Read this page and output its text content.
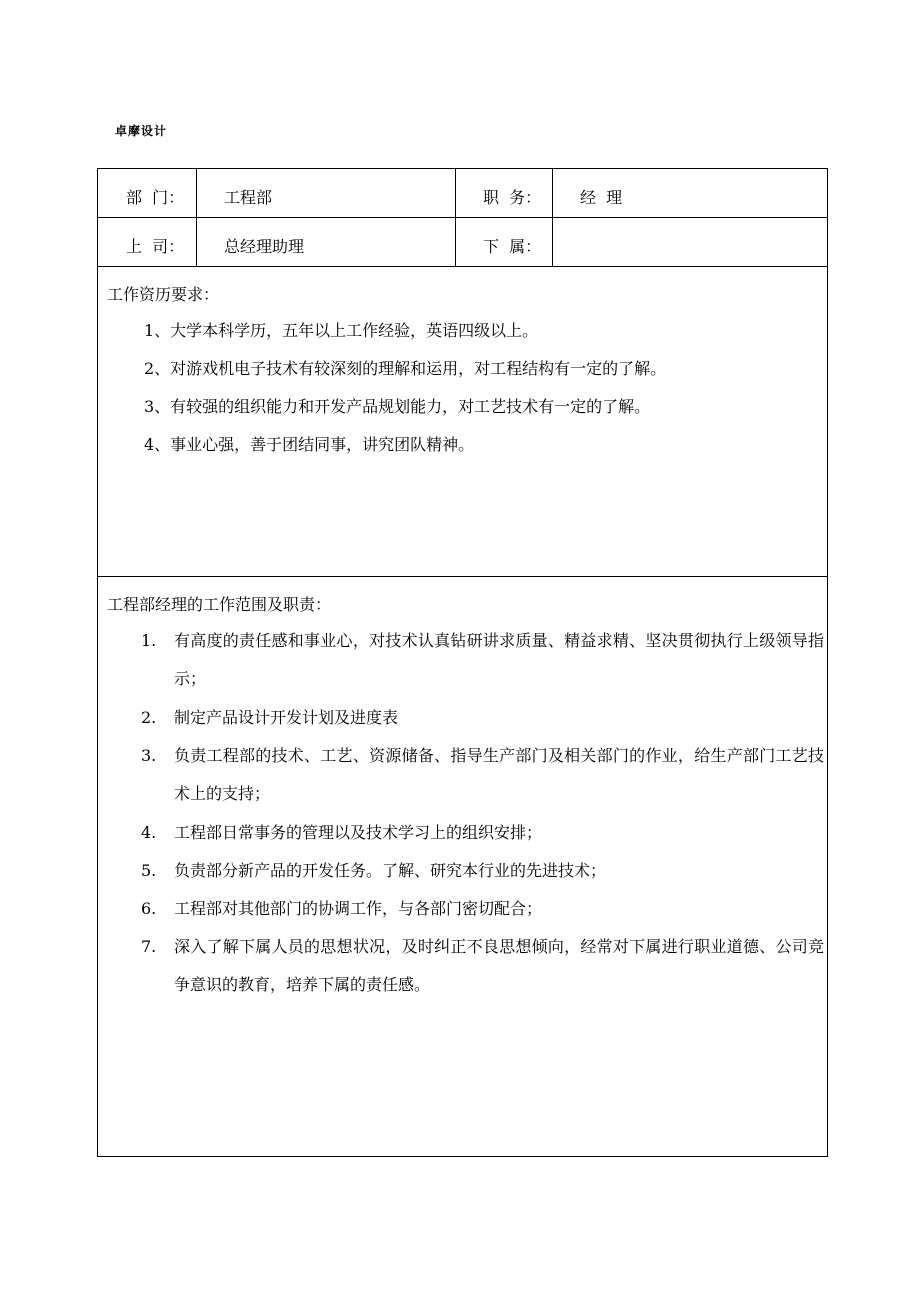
卓摩设计
部  门： 工程部	职  务： 经  理
上  司： 总经理助理	下  属：
工作资历要求：
1、大学本科学历，五年以上工作经验，英语四级以上。
2、对游戏机电子技术有较深刻的理解和运用，对工程结构有一定的了解。
3、有较强的组织能力和开发产品规划能力，对工艺技术有一定的了解。
4、事业心强，善于团结同事，讲究团队精神。
工程部经理的工作范围及职责：
1. 有高度的责任感和事业心，对技术认真钻研讲求质量、精益求精、坚决贯彻执行上级领导指示；
2. 制定产品设计开发计划及进度表
3. 负责工程部的技术、工艺、资源储备、指导生产部门及相关部门的作业，给生产部门工艺技术上的支持；
4. 工程部日常事务的管理以及技术学习上的组织安排；
5. 负责部分新产品的开发任务。了解、研究本行业的先进技术；
6. 工程部对其他部门的协调工作，与各部门密切配合；
7. 深入了解下属人员的思想状况，及时纠正不良思想倾向，经常对下属进行职业道德、公司竞争意识的教育，培养下属的责任感。
